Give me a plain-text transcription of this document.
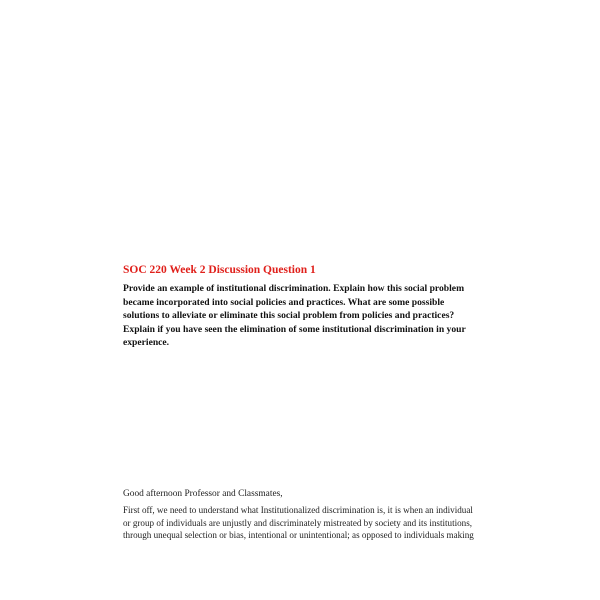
SOC 220 Week 2 Discussion Question 1
Provide an example of institutional discrimination. Explain how this social problem
became incorporated into social policies and practices. What are some possible
solutions to alleviate or eliminate this social problem from policies and practices?
Explain if you have seen the elimination of some institutional discrimination in your
experience.
Good afternoon Professor and Classmates,
First off, we need to understand what Institutionalized discrimination is, it is when an individual
or group of individuals are unjustly and discriminately mistreated by society and its institutions,
through unequal selection or bias, intentional or unintentional; as opposed to individuals making
